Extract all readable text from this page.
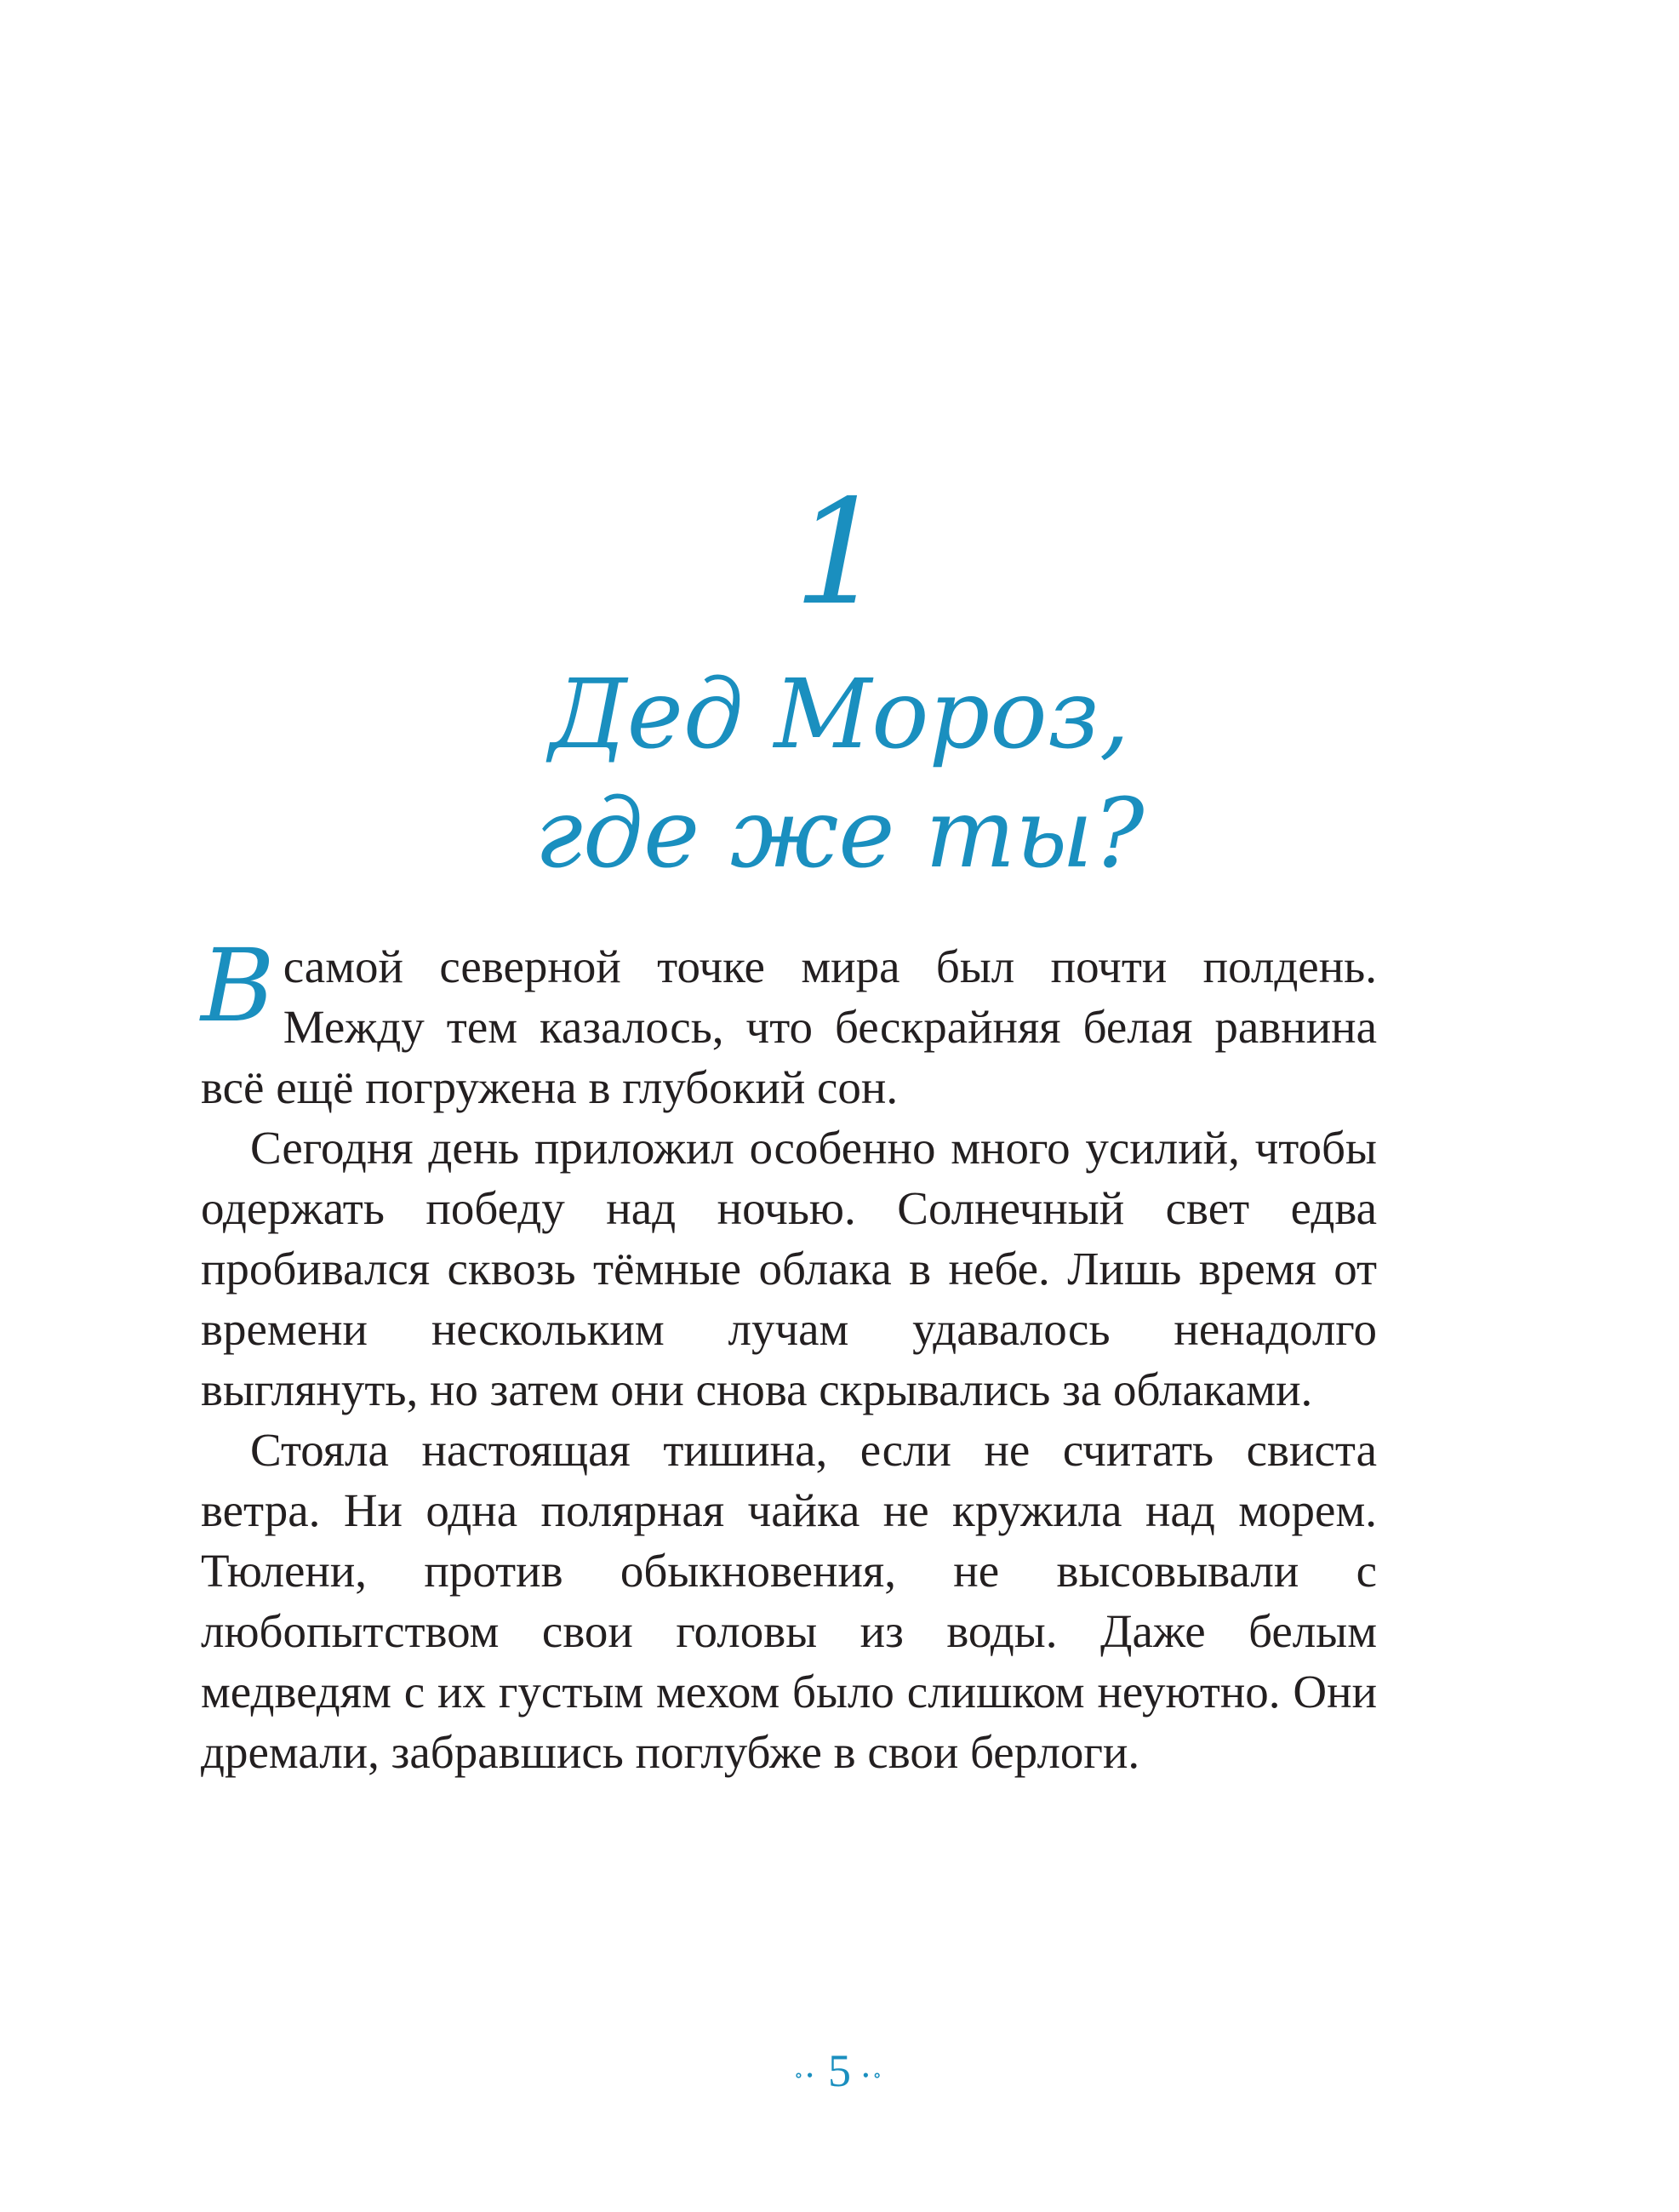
1
Дед Мороз,
где же ты?

Всамой северной точке мира был почти полдень. Между тем казалось, что бескрайняя белая равнина всё ещё погружена в глубокий сон.

Сегодня день приложил особенно много усилий, чтобы одержать победу над ночью. Солнечный свет едва пробивался сквозь тёмные облака в небе. Лишь время от времени нескольким лучам удавалось ненадолго выглянуть, но затем они снова скрывались за облаками.

Стояла настоящая тишина, если не считать свиста ветра. Ни одна полярная чайка не кружила над морем. Тюлени, против обыкновения, не высовывали с любопытством свои головы из воды. Даже белым медведям с их густым мехом было слишком неуютно. Они дремали, забравшись поглубже в свои берлоги.

∘• 5 •∘
